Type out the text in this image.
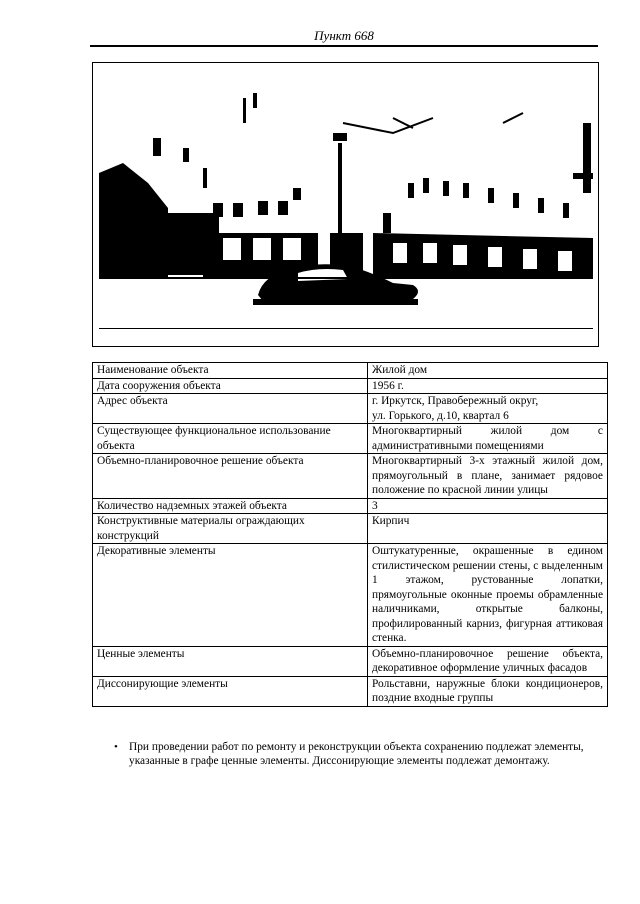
Пункт 668
Наименование объекта	Жилой дом
Дата сооружения объекта	1956 г.
Адрес объекта	г. Иркутск, Правобережный округ,
ул. Горького, д.10, квартал 6

Существующее функциональное использование объекта	Многоквартирный жилой дом с административными помещениями
Объемно-планировочное решение объекта	Многоквартирный 3-х этажный жилой дом, прямоугольный в плане, занимает рядовое положение по красной линии улицы
Количество надземных этажей объекта	3
Конструктивные материалы ограждающих конструкций	Кирпич
Декоративные элементы	Оштукатуренные, окрашенные в едином стилистическом решении стены, с выделенным 1 этажом, рустованные лопатки, прямоугольные оконные проемы обрамленные наличниками, открытые балконы, профилированный карниз, фигурная аттиковая стенка.
Ценные элементы	Объемно-планировочное решение объекта, декоративное оформление уличных фасадов
Диссонирующие элементы	Рольставни, наружные блоки кондиционеров, поздние входные группы
• При проведении работ по ремонту и реконструкции объекта сохранению подлежат элементы, указанные в графе ценные элементы. Диссонирующие элементы подлежат демонтажу.
